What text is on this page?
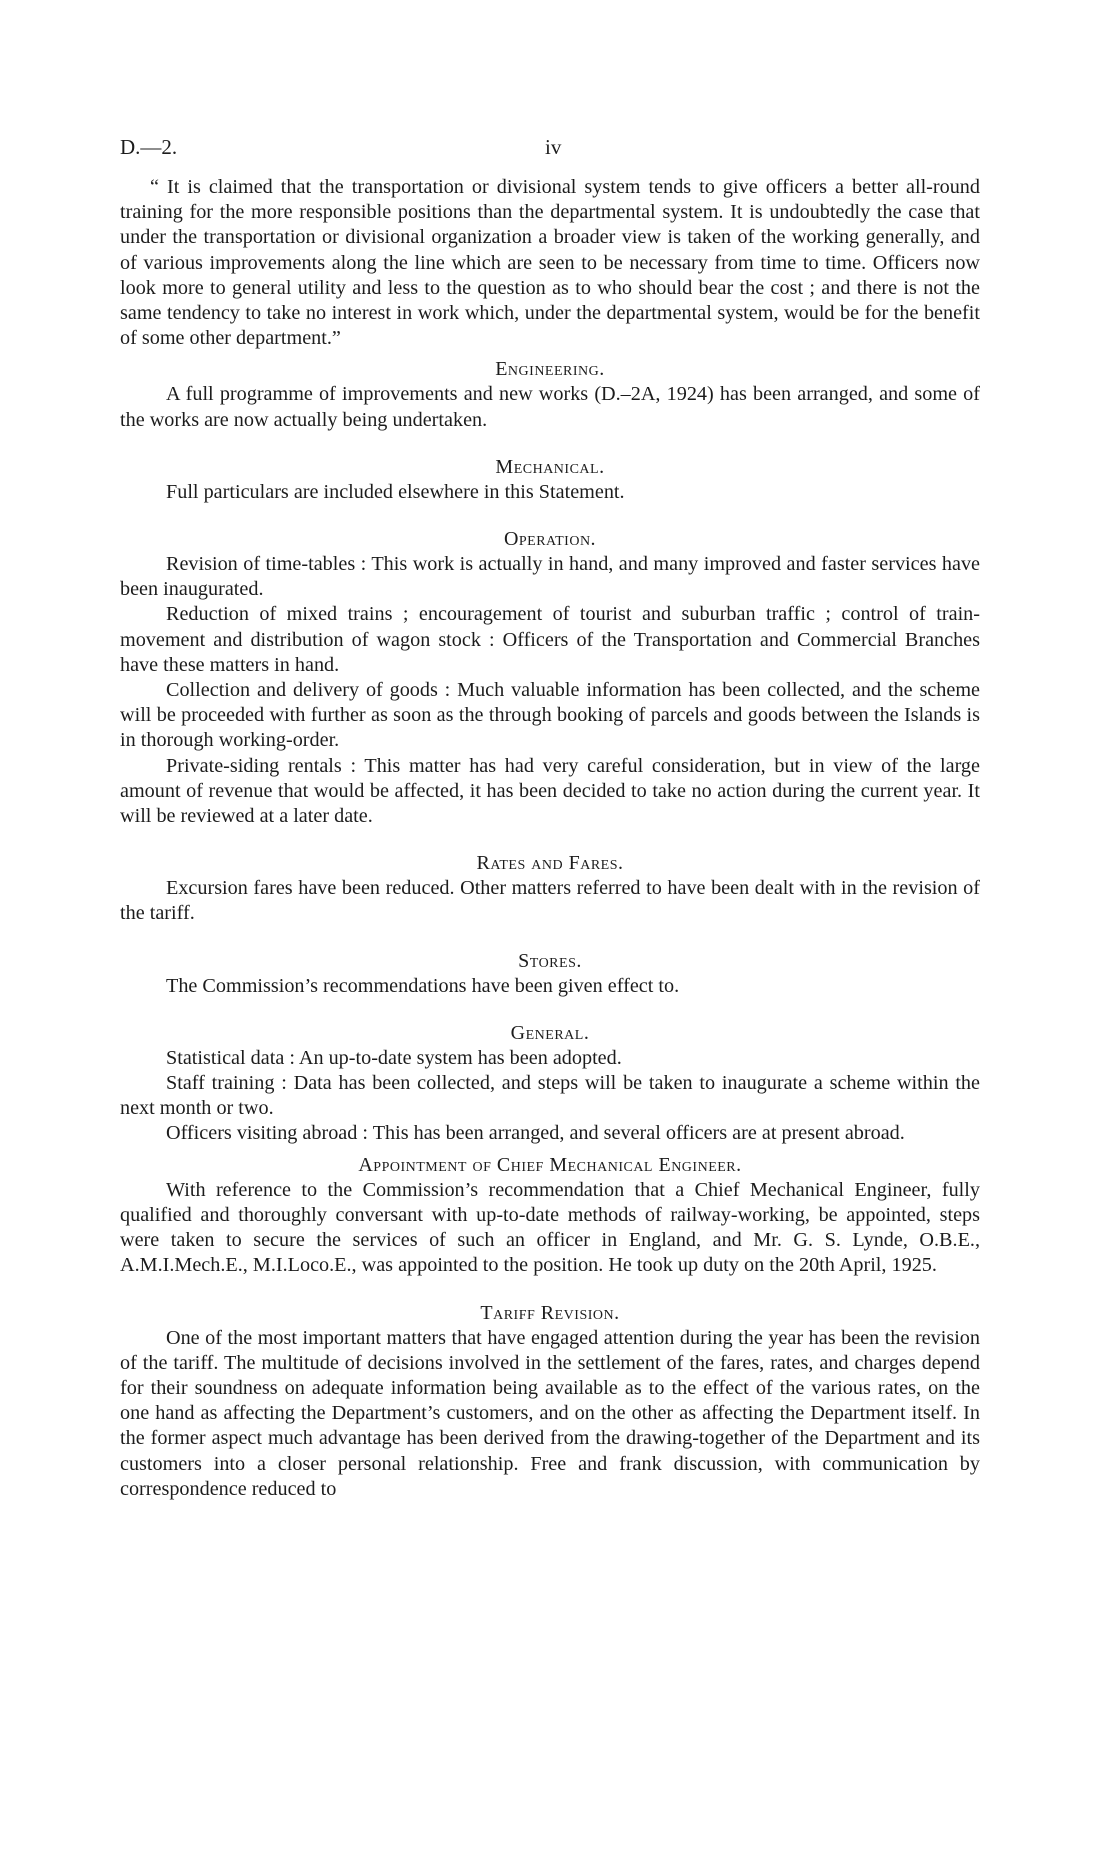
D.—2.	iv

“ It is claimed that the transportation or divisional system tends to give officers a better all-round training for the more responsible positions than the departmental system. It is undoubtedly the case that under the transportation or divisional organization a broader view is taken of the working generally, and of various improvements along the line which are seen to be necessary from time to time. Officers now look more to general utility and less to the question as to who should bear the cost ; and there is not the same tendency to take no interest in work which, under the departmental system, would be for the benefit of some other department.”

Engineering.

A full programme of improvements and new works (D.–2A, 1924) has been arranged, and some of the works are now actually being undertaken.

Mechanical.

Full particulars are included elsewhere in this Statement.

Operation.

Revision of time-tables : This work is actually in hand, and many improved and faster services have been inaugurated.

Reduction of mixed trains ; encouragement of tourist and suburban traffic ; control of train-movement and distribution of wagon stock : Officers of the Transportation and Commercial Branches have these matters in hand.

Collection and delivery of goods : Much valuable information has been collected, and the scheme will be proceeded with further as soon as the through booking of parcels and goods between the Islands is in thorough working-order.

Private-siding rentals : This matter has had very careful consideration, but in view of the large amount of revenue that would be affected, it has been decided to take no action during the current year. It will be reviewed at a later date.

Rates and Fares.

Excursion fares have been reduced. Other matters referred to have been dealt with in the revision of the tariff.

Stores.

The Commission’s recommendations have been given effect to.

General.

Statistical data : An up-to-date system has been adopted.

Staff training : Data has been collected, and steps will be taken to inaugurate a scheme within the next month or two.

Officers visiting abroad : This has been arranged, and several officers are at present abroad.

Appointment of Chief Mechanical Engineer.

With reference to the Commission’s recommendation that a Chief Mechanical Engineer, fully qualified and thoroughly conversant with up-to-date methods of railway-working, be appointed, steps were taken to secure the services of such an officer in England, and Mr. G. S. Lynde, O.B.E., A.M.I.Mech.E., M.I.Loco.E., was appointed to the position. He took up duty on the 20th April, 1925.

Tariff Revision.

One of the most important matters that have engaged attention during the year has been the revision of the tariff. The multitude of decisions involved in the settlement of the fares, rates, and charges depend for their soundness on adequate information being available as to the effect of the various rates, on the one hand as affecting the Department’s customers, and on the other as affecting the Department itself. In the former aspect much advantage has been derived from the drawing-together of the Department and its customers into a closer personal relationship. Free and frank discussion, with communication by correspondence reduced to
